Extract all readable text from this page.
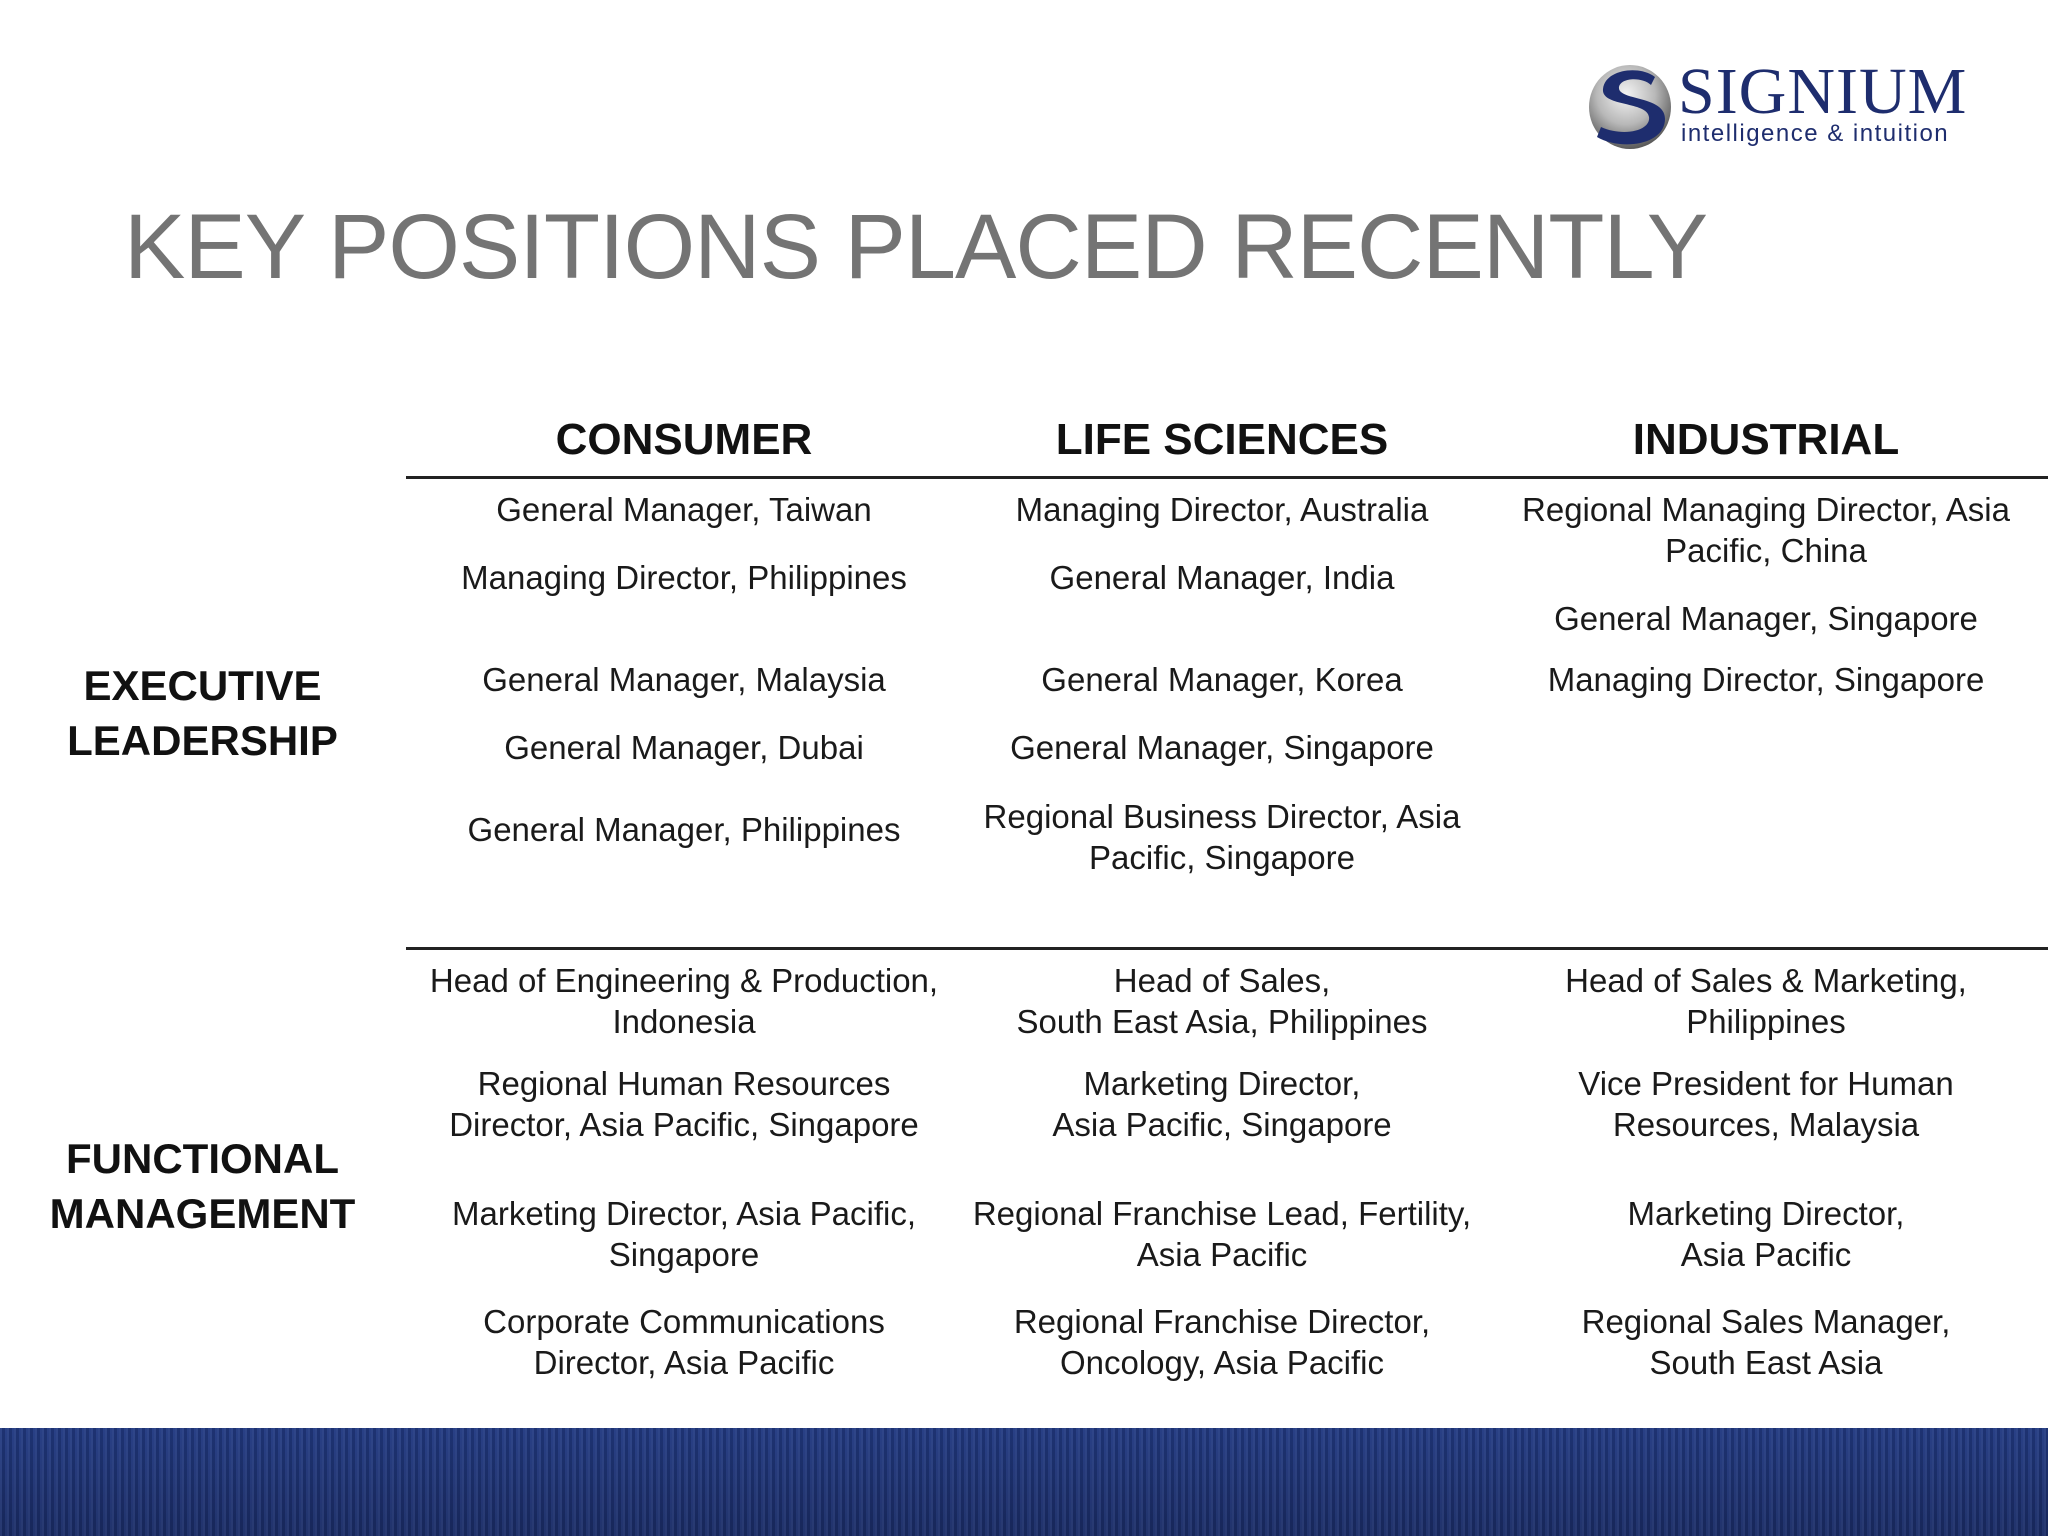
SIGNIUM
intelligence & intuition
KEY POSITIONS PLACED RECENTLY
CONSUMER	LIFE SCIENCES	INDUSTRIAL
EXECUTIVE
LEADERSHIP
FUNCTIONAL
MANAGEMENT
General Manager, Taiwan
Managing Director, Philippines
General Manager, Malaysia
General Manager, Dubai
General Manager, Philippines
Managing Director, Australia
General Manager, India
General Manager, Korea
General Manager, Singapore
Regional Business Director, Asia
Pacific, Singapore
Regional Managing Director, Asia
Pacific, China
General Manager, Singapore
Managing Director, Singapore
Head of Engineering & Production,
Indonesia
Regional Human Resources
Director, Asia Pacific, Singapore
Marketing Director, Asia Pacific,
Singapore
Corporate Communications
Director, Asia Pacific
Head of Sales,
South East Asia, Philippines
Marketing Director,
Asia Pacific, Singapore
Regional Franchise Lead, Fertility,
Asia Pacific
Regional Franchise Director,
Oncology, Asia Pacific
Head of Sales & Marketing,
Philippines
Vice President for Human
Resources, Malaysia
Marketing Director,
Asia Pacific
Regional Sales Manager,
South East Asia
